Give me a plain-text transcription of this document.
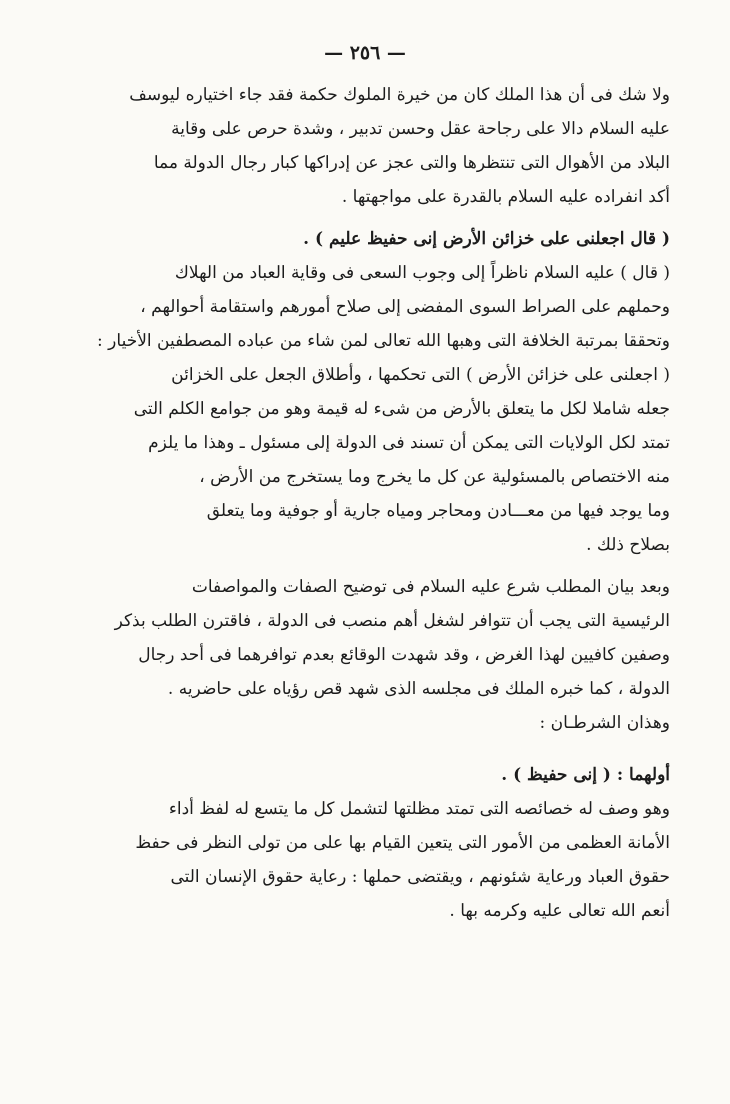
— ٢٥٦ —
ولا شك فى أن هذا الملك كان من خيرة الملوك حكمة فقد جاء اختياره ليوسف
عليه السلام دالا على رجاحة عقل وحسن تدبير ، وشدة حرص على وقاية
البلاد من الأهوال التى تنتظرها والتى عجز عن إدراكها كبار رجال الدولة مما
أكد انفراده عليه السلام بالقدرة على مواجهتها .
( قال اجعلنى على خزائن الأرض إنى حفيظ عليم ) .
( قال ) عليه السلام ناظراً إلى وجوب السعى فى وقاية العباد من الهلاك
وحملهم على الصراط السوى المفضى إلى صلاح أمورهم واستقامة أحوالهم ،
وتحققا بمرتبة الخلافة التى وهبها الله تعالى لمن شاء من عباده المصطفين الأخيار :
( اجعلنى على خزائن الأرض ) التى تحكمها ، وأطلاق الجعل على الخزائن
جعله شاملا لكل ما يتعلق بالأرض من شىء له قيمة وهو من جوامع الكلم التى
تمتد لكل الولايات التى يمكن أن تسند فى الدولة إلى مسئول ـ وهذا ما يلزم
منه الاختصاص بالمسئولية عن كل ما يخرج وما يستخرج من الأرض ،
وما يوجد فيها من معـــادن ومحاجر ومياه جارية أو جوفية وما يتعلق
بصلاح ذلك .
وبعد بيان المطلب شرع عليه السلام فى توضيح الصفات والمواصفات
الرئيسية التى يجب أن تتوافر لشغل أهم منصب فى الدولة ، فاقترن الطلب بذكر
وصفين كافيين لهذا الغرض ، وقد شهدت الوقائع بعدم توافرهما فى أحد رجال
الدولة ، كما خبره الملك فى مجلسه الذى شهد قص رؤياه على حاضريه .
وهذان الشرطـان :
أولهما : ( إنى حفيظ ) .
وهو وصف له خصائصه التى تمتد مظلتها لتشمل كل ما يتسع له لفظ أداء
الأمانة العظمى من الأمور التى يتعين القيام بها على من تولى النظر فى حفظ
حقوق العباد ورعاية شئونهم ، ويقتضى حملها : رعاية حقوق الإنسان التى
أنعم الله تعالى عليه وكرمه بها .
